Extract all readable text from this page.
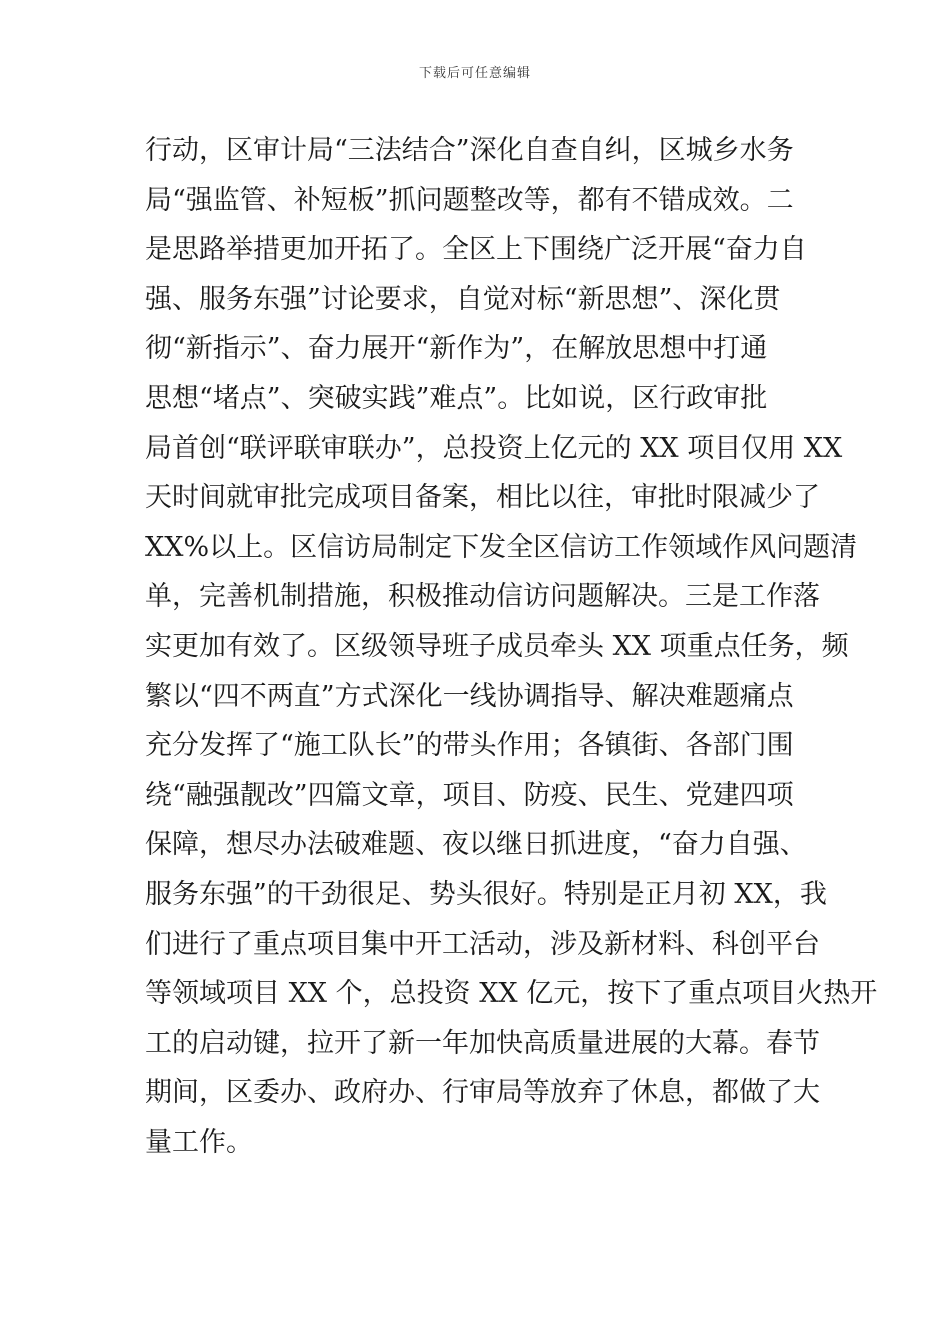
下载后可任意编辑
行动，区审计局“三法结合”深化自查自纠，区城乡水务
局“强监管、补短板”抓问题整改等，都有不错成效。二
是思路举措更加开拓了。全区上下围绕广泛开展“奋力自
强、服务东强”讨论要求，自觉对标“新思想”、深化贯
彻“新指示”、奋力展开“新作为”，在解放思想中打通
思想“堵点”、突破实践”难点”。比如说，区行政审批
局首创“联评联审联办”，总投资上亿元的 XX 项目仅用 XX
天时间就审批完成项目备案，相比以往，审批时限减少了
XX%以上。区信访局制定下发全区信访工作领域作风问题清
单，完善机制措施，积极推动信访问题解决。三是工作落
实更加有效了。区级领导班子成员牵头 XX 项重点任务，频
繁以“四不两直”方式深化一线协调指导、解决难题痛点
充分发挥了“施工队长”的带头作用；各镇街、各部门围
绕“融强靓改”四篇文章，项目、防疫、民生、党建四项
保障，想尽办法破难题、夜以继日抓进度，“奋力自强、
服务东强”的干劲很足、势头很好。特别是正月初 XX，我
们进行了重点项目集中开工活动，涉及新材料、科创平台
等领域项目 XX 个，总投资 XX 亿元，按下了重点项目火热开
工的启动键，拉开了新一年加快高质量进展的大幕。春节
期间，区委办、政府办、行审局等放弃了休息，都做了大
量工作。
